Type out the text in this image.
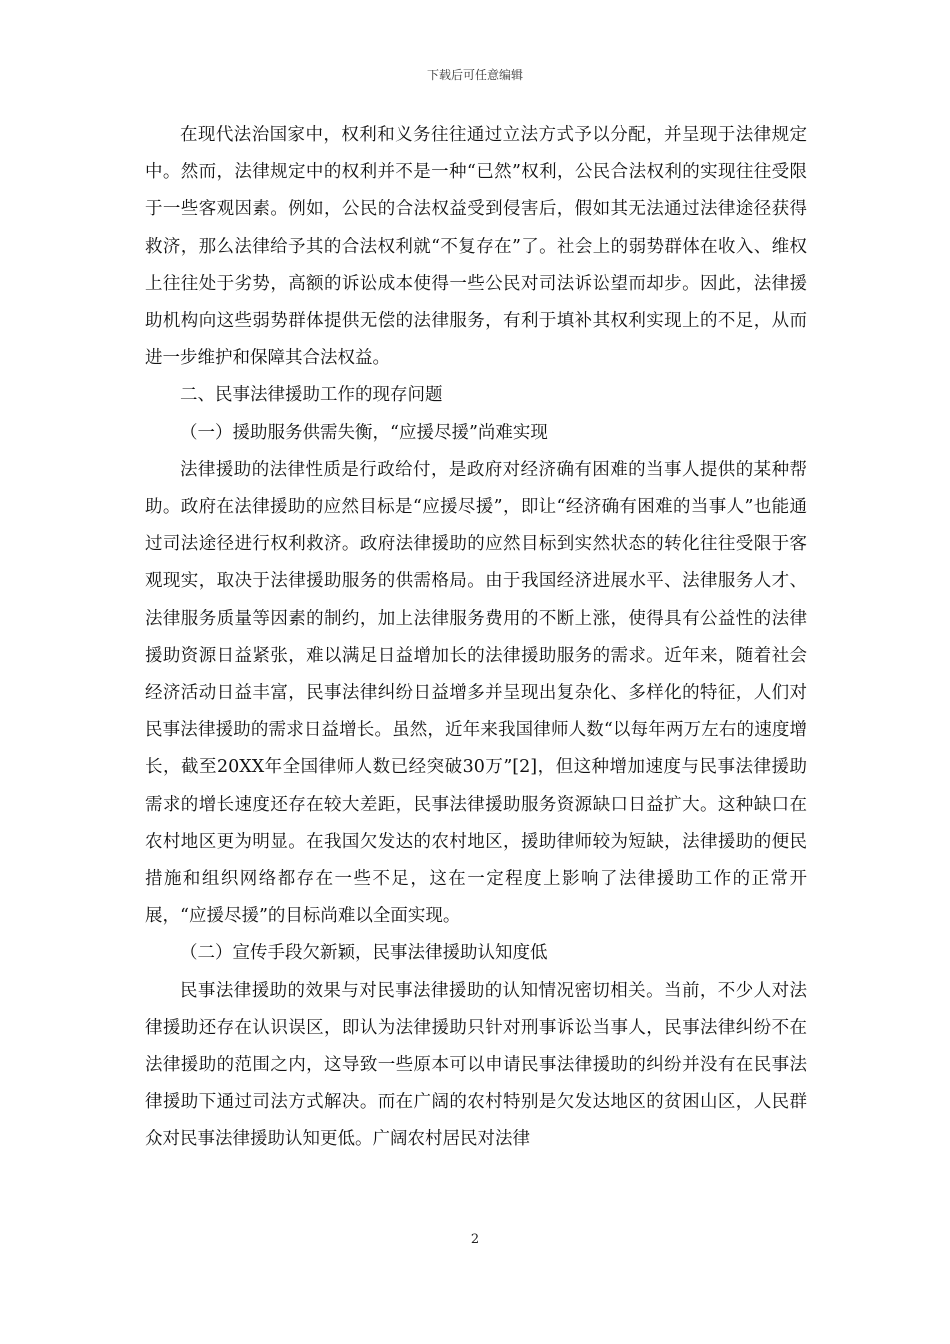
下载后可任意编辑

在现代法治国家中，权利和义务往往通过立法方式予以分配，并呈现于法律规定中。然而，法律规定中的权利并不是一种“已然”权利，公民合法权利的实现往往受限于一些客观因素。例如，公民的合法权益受到侵害后，假如其无法通过法律途径获得救济，那么法律给予其的合法权利就“不复存在”了。社会上的弱势群体在收入、维权上往往处于劣势，高额的诉讼成本使得一些公民对司法诉讼望而却步。因此，法律援助机构向这些弱势群体提供无偿的法律服务，有利于填补其权利实现上的不足，从而进一步维护和保障其合法权益。

二、民事法律援助工作的现存问题

（一）援助服务供需失衡，“应援尽援”尚难实现

法律援助的法律性质是行政给付，是政府对经济确有困难的当事人提供的某种帮助。政府在法律援助的应然目标是“应援尽援”，即让“经济确有困难的当事人”也能通过司法途径进行权利救济。政府法律援助的应然目标到实然状态的转化往往受限于客观现实，取决于法律援助服务的供需格局。由于我国经济进展水平、法律服务人才、法律服务质量等因素的制约，加上法律服务费用的不断上涨，使得具有公益性的法律援助资源日益紧张，难以满足日益增加长的法律援助服务的需求。近年来，随着社会经济活动日益丰富，民事法律纠纷日益增多并呈现出复杂化、多样化的特征，人们对民事法律援助的需求日益增长。虽然，近年来我国律师人数“以每年两万左右的速度增长，截至20XX年全国律师人数已经突破30万”[2]，但这种增加速度与民事法律援助需求的增长速度还存在较大差距，民事法律援助服务资源缺口日益扩大。这种缺口在农村地区更为明显。在我国欠发达的农村地区，援助律师较为短缺，法律援助的便民措施和组织网络都存在一些不足，这在一定程度上影响了法律援助工作的正常开展，“应援尽援”的目标尚难以全面实现。

（二）宣传手段欠新颖，民事法律援助认知度低

民事法律援助的效果与对民事法律援助的认知情况密切相关。当前，不少人对法律援助还存在认识误区，即认为法律援助只针对刑事诉讼当事人，民事法律纠纷不在法律援助的范围之内，这导致一些原本可以申请民事法律援助的纠纷并没有在民事法律援助下通过司法方式解决。而在广阔的农村特别是欠发达地区的贫困山区，人民群众对民事法律援助认知更低。广阔农村居民对法律

2
